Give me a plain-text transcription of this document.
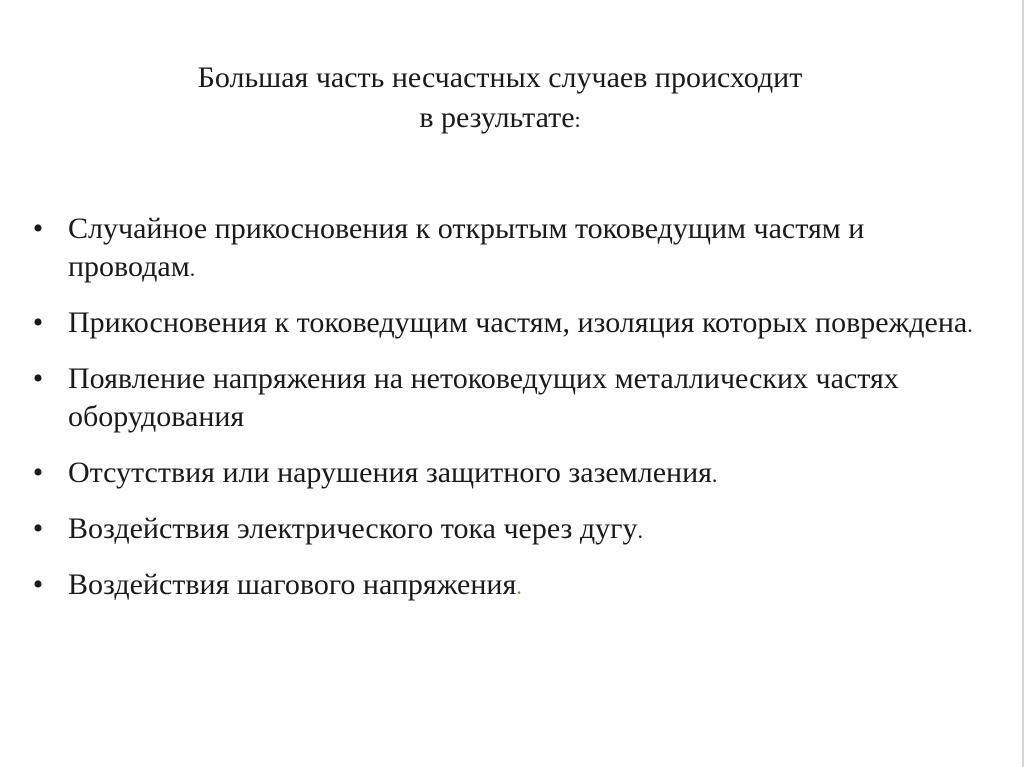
Большая часть несчастных случаев происходит
в результате:
• Случайное прикосновения к открытым токоведущим частям и проводам.
• Прикосновения к токоведущим частям, изоляция которых повреждена.
• Появление напряжения на нетоковедущих металлических частях оборудования
• Отсутствия или нарушения защитного заземления.
• Воздействия электрического тока через дугу.
• Воздействия шагового напряжения.
